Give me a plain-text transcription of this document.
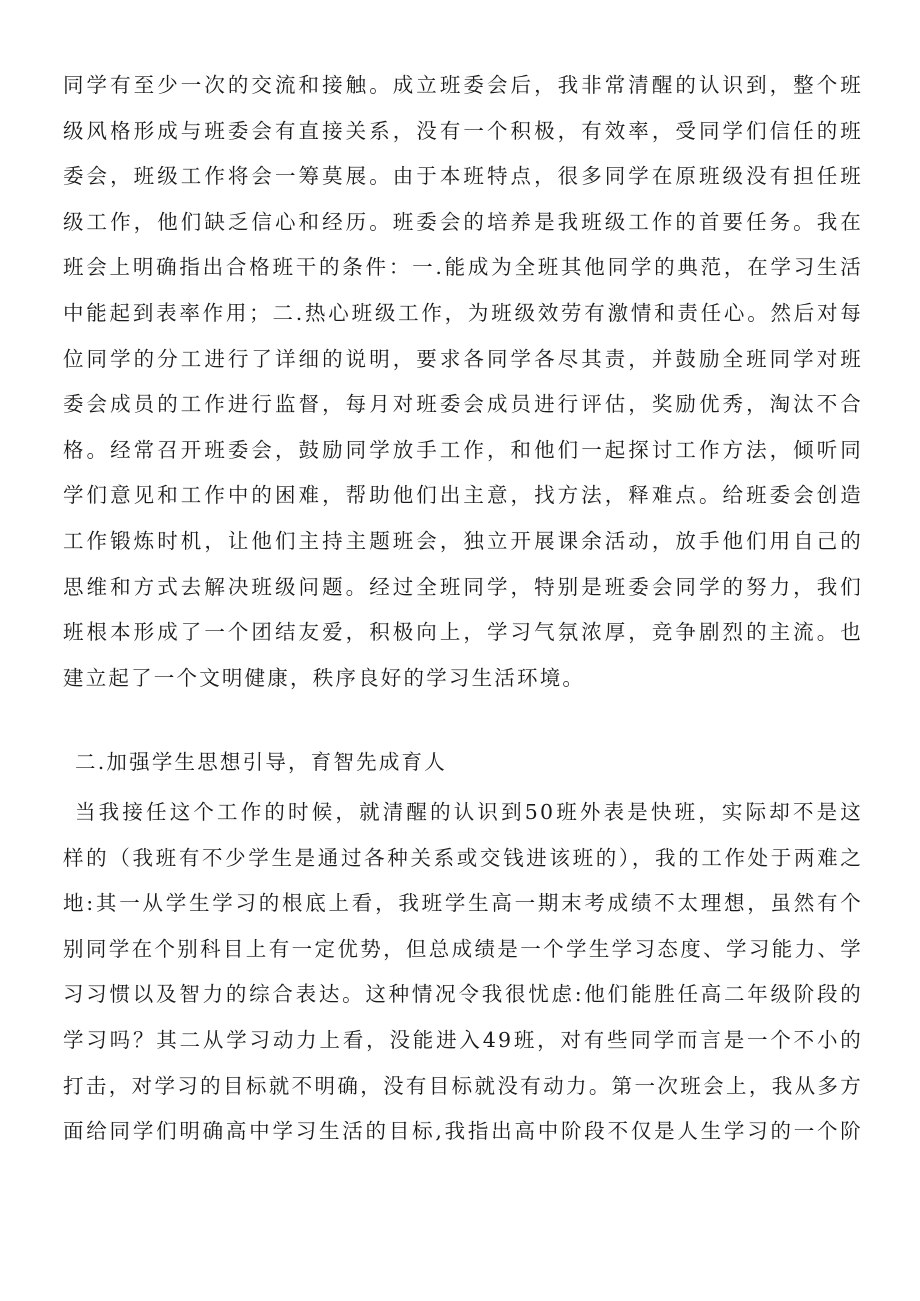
同学有至少一次的交流和接触。成立班委会后，我非常清醒的认识到，整个班
级风格形成与班委会有直接关系，没有一个积极，有效率，受同学们信任的班
委会，班级工作将会一筹莫展。由于本班特点，很多同学在原班级没有担任班
级工作，他们缺乏信心和经历。班委会的培养是我班级工作的首要任务。我在
班会上明确指出合格班干的条件：一.能成为全班其他同学的典范，在学习生活
中能起到表率作用；二.热心班级工作，为班级效劳有激情和责任心。然后对每
位同学的分工进行了详细的说明，要求各同学各尽其责，并鼓励全班同学对班
委会成员的工作进行监督，每月对班委会成员进行评估，奖励优秀，淘汰不合
格。经常召开班委会，鼓励同学放手工作，和他们一起探讨工作方法，倾听同
学们意见和工作中的困难，帮助他们出主意，找方法，释难点。给班委会创造
工作锻炼时机，让他们主持主题班会，独立开展课余活动，放手他们用自己的
思维和方式去解决班级问题。经过全班同学，特别是班委会同学的努力，我们
班根本形成了一个团结友爱，积极向上，学习气氛浓厚，竞争剧烈的主流。也
建立起了一个文明健康，秩序良好的学习生活环境。
二.加强学生思想引导，育智先成育人
当我接任这个工作的时候，就清醒的认识到50班外表是快班，实际却不是这
样的（我班有不少学生是通过各种关系或交钱进该班的），我的工作处于两难之
地:其一从学生学习的根底上看，我班学生高一期末考成绩不太理想，虽然有个
别同学在个别科目上有一定优势，但总成绩是一个学生学习态度、学习能力、学
习习惯以及智力的综合表达。这种情况令我很忧虑:他们能胜任高二年级阶段的
学习吗？其二从学习动力上看，没能进入49班，对有些同学而言是一个不小的
打击，对学习的目标就不明确，没有目标就没有动力。第一次班会上，我从多方
面给同学们明确高中学习生活的目标,我指出高中阶段不仅是人生学习的一个阶
